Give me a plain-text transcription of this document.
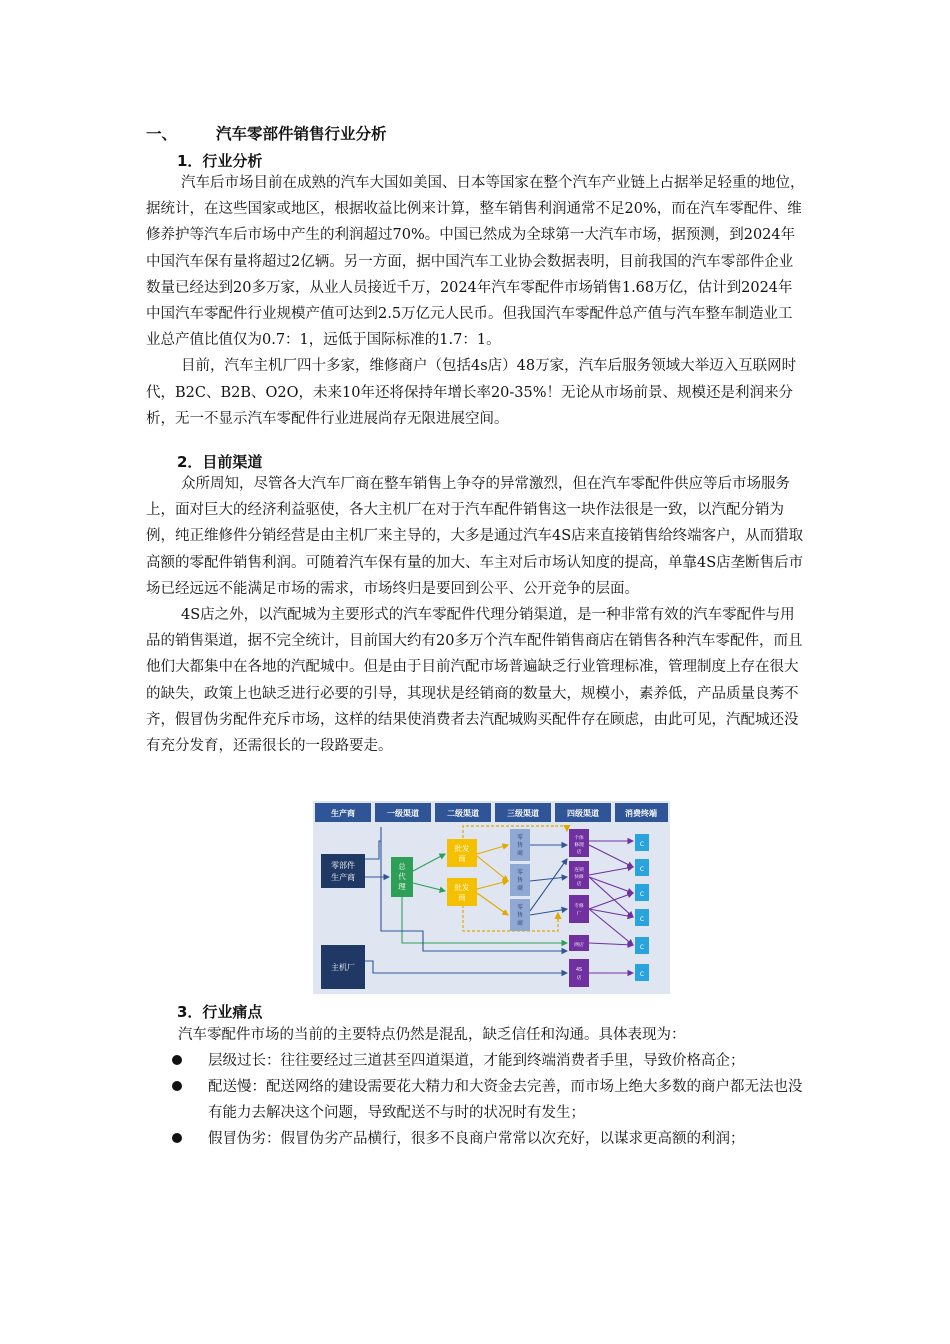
一、	汽车零部件销售行业分析
1．行业分析

汽车后市场目前在成熟的汽车大国如美国、日本等国家在整个汽车产业链上占据举足轻重的地位，据统计，在这些国家或地区，根据收益比例来计算，整车销售利润通常不足20%，而在汽车零配件、维修养护等汽车后市场中产生的利润超过70%。中国已然成为全球第一大汽车市场，据预测，到2024年中国汽车保有量将超过2亿辆。另一方面，据中国汽车工业协会数据表明，目前我国的汽车零部件企业数量已经达到20多万家，从业人员接近千万，2024年汽车零配件市场销售1.68万亿，估计到2024年中国汽车零配件行业规模产值可达到2.5万亿元人民币。但我国汽车零配件总产值与汽车整车制造业工业总产值比值仅为0.7：1，远低于国际标准的1.7：1。

目前，汽车主机厂四十多家，维修商户（包括4s店）48万家，汽车后服务领域大举迈入互联网时代，B2C、B2B、O2O，未来10年还将保持年增长率20-35%！无论从市场前景、规模还是利润来分析，无一不显示汽车零配件行业进展尚存无限进展空间。

2．目前渠道

众所周知，尽管各大汽车厂商在整车销售上争夺的异常激烈，但在汽车零配件供应等后市场服务上，面对巨大的经济利益驱使，各大主机厂在对于汽车配件销售这一块作法很是一致，以汽配分销为例，纯正维修件分销经营是由主机厂来主导的，大多是通过汽车4S店来直接销售给终端客户，从而猎取高额的零配件销售利润。可随着汽车保有量的加大、车主对后市场认知度的提高，单靠4S店垄断售后市场已经远远不能满足市场的需求，市场终归是要回到公平、公开竞争的层面。

4S店之外，以汽配城为主要形式的汽车零配件代理分销渠道，是一种非常有效的汽车零配件与用品的销售渠道，据不完全统计，目前国大约有20多万个汽车配件销售商店在销售各种汽车零配件，而且他们大都集中在各地的汽配城中。但是由于目前汽配市场普遍缺乏行业管理标准，管理制度上存在很大的缺失，政策上也缺乏进行必要的引导，其现状是经销商的数量大，规模小，素养低，产品质量良莠不齐，假冒伪劣配件充斥市场，这样的结果使消费者去汽配城购买配件存在顾虑，由此可见，汽配城还没有充分发育，还需很长的一段路要走。

生产商	一级渠道	二级渠道	三级渠道	四级渠道	消费终端
零部件
生产商
主机厂
总
代
理
批发
商
批发
商
零
售
商
零
售
商
零
售
商
个体
修理
店
连锁
快修
店
专修
厂
网店
4S
店
C
C
C
C
C
C
3．行业痛点
汽车零配件市场的当前的主要特点仍然是混乱，缺乏信任和沟通。具体表现为：
层级过长：往往要经过三道甚至四道渠道，才能到终端消费者手里，导致价格高企；
配送慢：配送网络的建设需要花大精力和大资金去完善，而市场上绝大多数的商户都无法也没有能力去解决这个问题，导致配送不与时的状况时有发生；
假冒伪劣：假冒伪劣产品横行，很多不良商户常常以次充好，以谋求更高额的利润；
